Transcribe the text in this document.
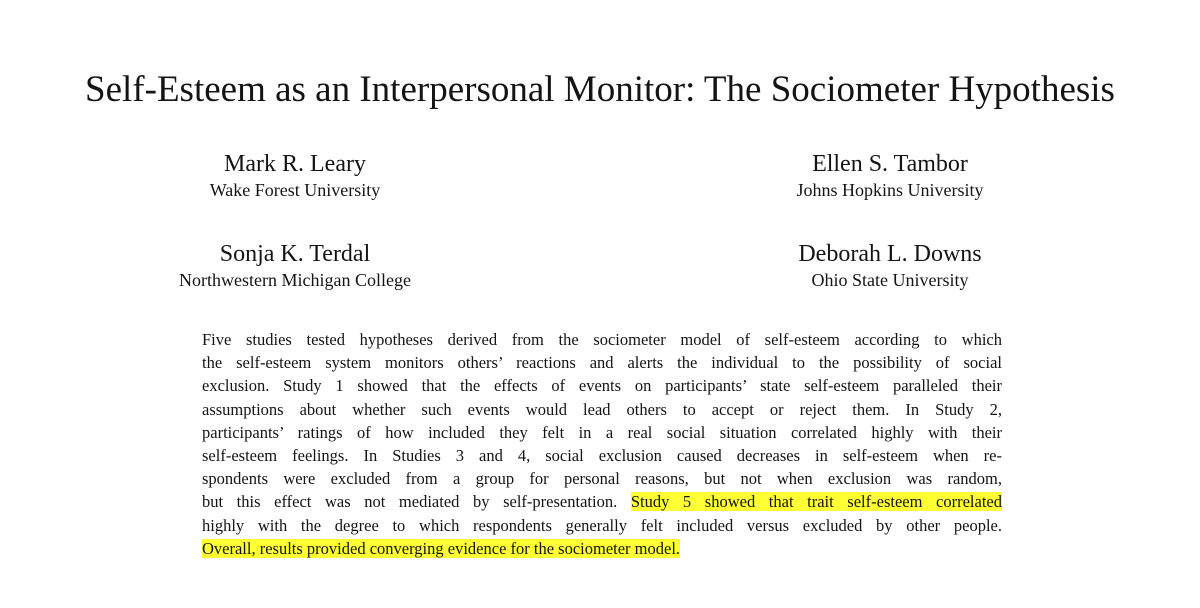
Self-Esteem as an Interpersonal Monitor: The Sociometer Hypothesis
Mark R. Leary
Wake Forest University
Ellen S. Tambor
Johns Hopkins University
Sonja K. Terdal
Northwestern Michigan College
Deborah L. Downs
Ohio State University
Five studies tested hypotheses derived from the sociometer model of self-esteem according to which
the self-esteem system monitors others’ reactions and alerts the individual to the possibility of social
exclusion. Study 1 showed that the effects of events on participants’ state self-esteem paralleled their
assumptions about whether such events would lead others to accept or reject them. In Study 2,
participants’ ratings of how included they felt in a real social situation correlated highly with their
self-esteem feelings. In Studies 3 and 4, social exclusion caused decreases in self-esteem when re-
spondents were excluded from a group for personal reasons, but not when exclusion was random,
but this effect was not mediated by self-presentation. Study 5 showed that trait self-esteem correlated
highly with the degree to which respondents generally felt included versus excluded by other people.
Overall, results provided converging evidence for the sociometer model.
